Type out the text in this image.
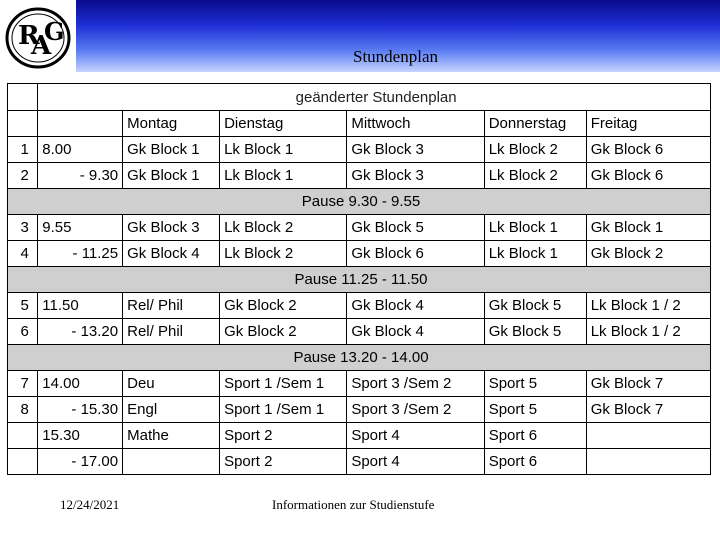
R
A
G
Stundenplan
	geänderter Stundenplan					
		Montag	Dienstag	Mittwoch	Donnerstag	Freitag
1	8.00	Gk Block 1	Lk Block 1	Gk Block 3	Lk Block 2	Gk Block 6
2	- 9.30	Gk Block 1	Lk Block 1	Gk Block 3	Lk Block 2	Gk Block 6
Pause 9.30 - 9.55						
3	9.55	Gk Block 3	Lk Block 2	Gk Block 5	Lk Block 1	Gk Block 1
4	- 11.25	Gk Block 4	Lk Block 2	Gk Block 6	Lk Block 1	Gk Block 2
Pause 11.25 - 11.50						
5	11.50	Rel/ Phil	Gk Block 2	Gk Block 4	Gk Block 5	Lk Block 1 / 2
6	- 13.20	Rel/ Phil	Gk Block 2	Gk Block 4	Gk Block 5	Lk Block 1 / 2
Pause 13.20 - 14.00						
7	14.00	Deu	Sport 1 /Sem 1	Sport 3 /Sem 2	Sport 5	Gk Block 7
8	- 15.30	Engl	Sport 1 /Sem 1	Sport 3 /Sem 2	Sport 5	Gk Block 7
	15.30	Mathe	Sport 2	Sport 4	Sport 6	
	- 17.00		Sport 2	Sport 4	Sport 6	
12/24/2021	Informationen zur Studienstufe
